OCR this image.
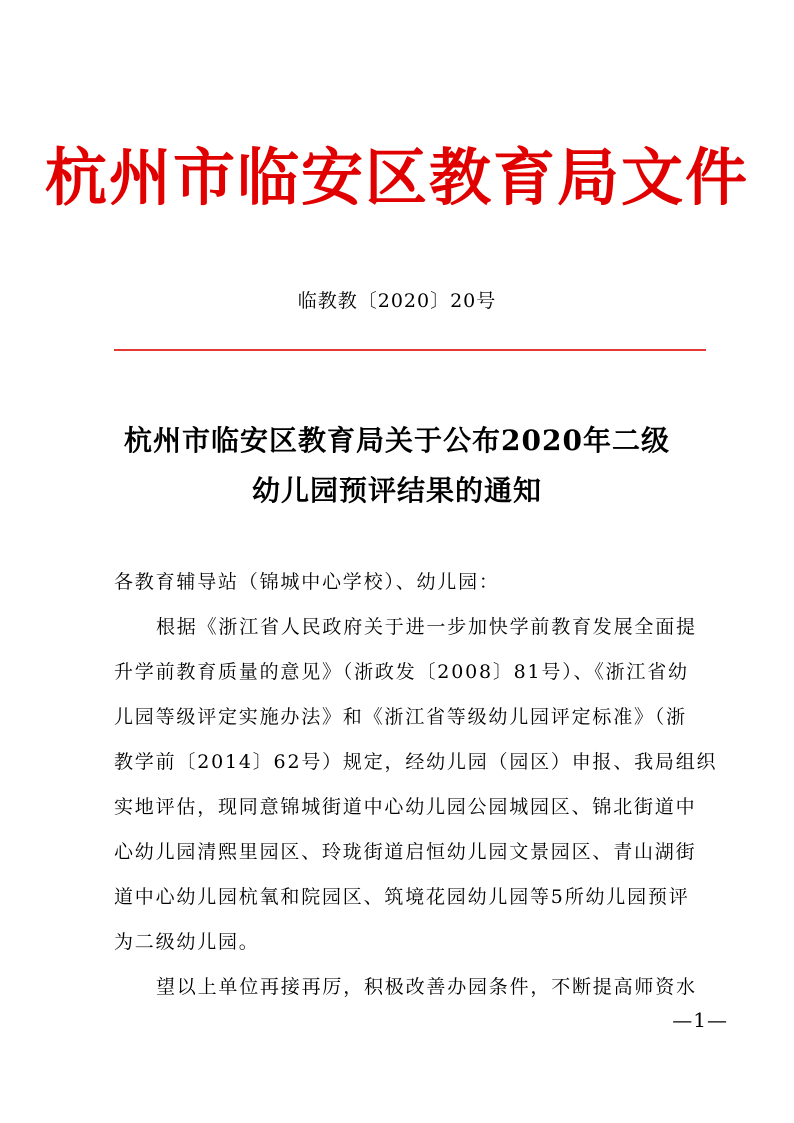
杭州市临安区教育局文件
临教教〔2020〕20号
杭州市临安区教育局关于公布2020年二级
幼儿园预评结果的通知
各教育辅导站（锦城中心学校）、幼儿园：
根据《浙江省人民政府关于进一步加快学前教育发展全面提
升学前教育质量的意见》（浙政发〔2008〕81号）、《浙江省幼
儿园等级评定实施办法》和《浙江省等级幼儿园评定标准》（浙
教学前〔2014〕62号）规定，经幼儿园（园区）申报、我局组织
实地评估，现同意锦城街道中心幼儿园公园城园区、锦北街道中
心幼儿园清熙里园区、玲珑街道启恒幼儿园文景园区、青山湖街
道中心幼儿园杭氧和院园区、筑境花园幼儿园等5所幼儿园预评
为二级幼儿园。
望以上单位再接再厉，积极改善办园条件，不断提高师资水
—1—
